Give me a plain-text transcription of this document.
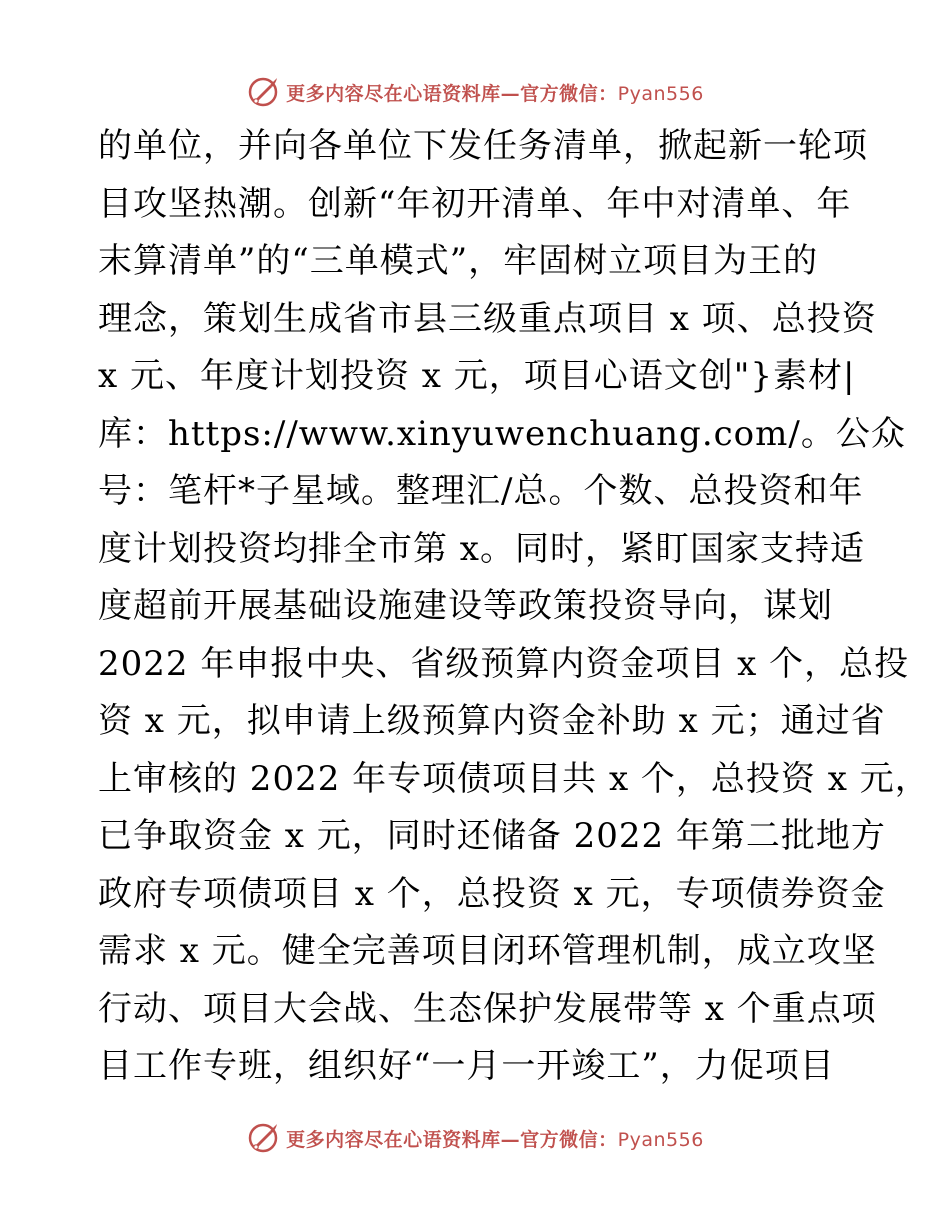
更多内容尽在心语资料库—官方微信：Pyan556
的单位，并向各单位下发任务清单，掀起新一轮项
目攻坚热潮。创新“年初开清单、年中对清单、年
末算清单”的“三单模式”，牢固树立项目为王的
理念，策划生成省市县三级重点项目 x 项、总投资
x 元、年度计划投资 x 元，项目心语文创"}素材|
库：https://www.xinyuwenchuang.com/。公众
号：笔杆*子星域。整理汇/总。个数、总投资和年
度计划投资均排全市第 x。同时，紧盯国家支持适
度超前开展基础设施建设等政策投资导向，谋划
2022 年申报中央、省级预算内资金项目 x 个，总投
资 x 元，拟申请上级预算内资金补助 x 元；通过省
上审核的 2022 年专项债项目共 x 个，总投资 x 元，
已争取资金 x 元，同时还储备 2022 年第二批地方
政府专项债项目 x 个，总投资 x 元，专项债券资金
需求 x 元。健全完善项目闭环管理机制，成立攻坚
行动、项目大会战、生态保护发展带等 x 个重点项
目工作专班，组织好“一月一开竣工”，力促项目
更多内容尽在心语资料库—官方微信：Pyan556
